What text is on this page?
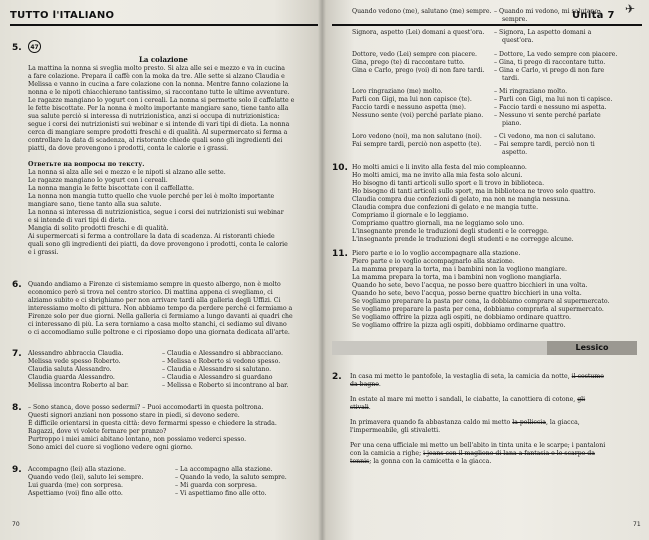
TUTTO l'ITALIANO
5.	47
La colazione
La mattina la nonna si sveglia molto presto. Si alza alle sei e mezzo e va in cucina
a fare colazione. Prepara il caffè con la moka da tre. Alle sette si alzano Claudia e
Melissa e vanno in cucina a fare colazione con la nonna. Mentre fanno colazione la
nonna e le nipoti chiacchierano tantissimo, si raccontano tutte le ultime avventure.
Le ragazze mangiano lo yogurt con i cereali. La nonna si permette solo il caffelatte e
le fette biscottate. Per la nonna è molto importante mangiare sano, tiene tanto alla
sua salute perciò si interessa di nutrizionistica, anzi si occupa di nutrizionistica:
segue i corsi dei nutrizionisti sui webinar e si intende di vari tipi di dieta. La nonna
cerca di mangiare sempre prodotti freschi e di qualità. Al supermercato si ferma a
controllare la data di scadenza, al ristorante chiede quali sono gli ingredienti dei
piatti, da dove provengono i prodotti, conta le calorie e i grassi.
Ответьте на вопросы по тексту.
La nonna si alza alle sei e mezzo e le nipoti si alzano alle sette.
Le ragazze mangiano lo yogurt con i cereali.
La nonna mangia le fette biscottate con il caffellatte.
La nonna non mangia tutto quello che vuole perché per lei è molto importante
mangiare sano, tiene tanto alla sua salute.
La nonna si interessa di nutrizionistica, segue i corsi dei nutrizionisti sui webinar
e si intende di vari tipi di dieta.
Mangia di solito prodotti freschi e di qualità.
Ai supermercati si ferma a controllare la data di scadenza. Ai ristoranti chiede
quali sono gli ingredienti dei piatti, da dove provengono i prodotti, conta le calorie
e i grassi.
6. Quando andiamo a Firenze ci sistemiamo sempre in questo albergo, non è molto
economico però si trova nel centro storico. Di mattina appena ci svegliamo, ci
alziamo subito e ci sbrighiamo per non arrivare tardi alla galleria degli Uffizi. Ci
interessiamo molto di pittura. Non abbiamo tempo da perdere perché ci fermiamo a
Firenze solo per due giorni. Nella galleria ci fermiamo a lungo davanti ai quadri che
ci interessano di più. La sera torniamo a casa molto stanchi, ci sediamo sul divano
o ci accomodiamo sulle poltrone e ci riposiamo dopo una giornata dedicata all'arte.
7. Alessandro abbraccia Claudia.	– Claudia e Alessandro si abbracciano.
Melissa vede spesso Roberto.	– Melissa e Roberto si vedono spesso.
Claudia saluta Alessandro.	– Claudia e Alessandro si salutano.
Claudia guarda Alessandro.	– Claudia e Alessandro si guardano
Melissa incontra Roberto al bar.	– Melissa e Roberto si incontrano al bar.
8. – Sono stanca, dove posso sedermi? – Puoi accomodarti in questa poltrona.
Questi signori anziani non possono stare in piedi, si devono sedere.
È difficile orientarsi in questa città: devo fermarmi spesso e chiedere la strada.
Ragazzi, dove vi volete fermare per pranzo?
Purtroppo i miei amici abitano lontano, non possiamo vederci spesso.
Sono amici del cuore si vogliono vedere ogni giorno.
9. Accompagno (lei) alla stazione.	– La accompagno alla stazione.
Quando vedo (lei), saluto lei sempre.	– Quando la vedo, la saluto sempre.
Lui guarda (me) con sorpresa.	– Mi guarda con sorpresa.
Aspettiamo (voi) fino alle otto.	– Vi aspettiamo fino alle otto.
70
Unità 7 ✈
Quando vedono (me), salutano (me) sempre. – Quando mi vedono, mi salutano
sempre.
Signora, aspetto (Lei) domani a quest'ora. – Signora, La aspetto domani a
quest'ora.
Dottore, vedo (Lei) sempre con piacere.	– Dottore, La vedo sempre con piacere.
Gina, prego (te) di raccontare tutto.	– Gina, ti prego di raccontare tutto.
Gina e Carlo, prego (voi) di non fare tardi. – Gina e Carlo, vi prego di non fare
tardi.
Loro ringraziano (me) molto.	– Mi ringraziano molto.
Parli con Gigi, ma lui non capisce (te).	– Parli con Gigi, ma lui non ti capisce.
Faccio tardi e nessuno aspetta (me).	– Faccio tardi e nessuno mi aspetta.
Nessuno sente (voi) perché parlate piano. – Nessuno vi sente perché parlate
piano.
Loro vedono (noi), ma non salutano (noi). – Ci vedono, ma non ci salutano.
Fai sempre tardi, perciò non aspetto (te). – Fai sempre tardi, perciò non ti
aspetto.
10. Ho molti amici e li invito alla festa del mio compleanno.
Ho molti amici, ma ne invito alla mia festa solo alcuni.
Ho bisogno di tanti articoli sullo sport e li trovo in biblioteca.
Ho bisogno di tanti articoli sullo sport, ma in biblioteca ne trovo solo quattro.
Claudia compra due confezioni di gelato, ma non ne mangia nessuna.
Claudia compra due confezioni di gelato e ne mangia tutte.
Compriamo il giornale e lo leggiamo.
Compriamo quattro giornali, ma ne leggiamo solo uno.
L'insegnante prende le traduzioni degli studenti e le corregge.
L'insegnante prende le traduzioni degli studenti e ne corregge alcune.
11. Piero parte e io lo voglio accompagnare alla stazione.
Piero parte e io voglio accompagnarlo alla stazione.
La mamma prepara la torta, ma i bambini non la vogliono mangiare.
La mamma prepara la torta, ma i bambini non vogliono mangiarla.
Quando ho sete, bevo l'acqua, ne posso bere quattro bicchieri in una volta.
Quando ho sete, bevo l'acqua, posso berne quattro bicchieri in una volta.
Se vogliamo preparare la pasta per cena, la dobbiamo comprare al supermercato.
Se vogliamo preparare la pasta per cena, dobbiamo comprarla al supermercato.
Se vogliamo offrire la pizza agli ospiti, ne dobbiamo ordinare quattro.
Se vogliamo offrire la pizza agli ospiti, dobbiamo ordinarne quattro.
71
Lessico
2. In casa mi metto le pantofole, la vestaglia di seta, la camicia da notte, il costume
da bagno.
In estate al mare mi metto i sandali, le ciabatte, la canottiera di cotone, gli
stivali.
In primavera quando fa abbastanza caldo mi metto la pelliccia, la giacca,
l'impermeabile, gli stivaletti.
Per una cena ufficiale mi metto un bell'abito in tinta unita e le scarpe; i pantaloni
con la camicia a righe; i jeans con il maglione di lana a fantasia e le scarpe da
tennis; la gonna con la camicetta e la giacca.
